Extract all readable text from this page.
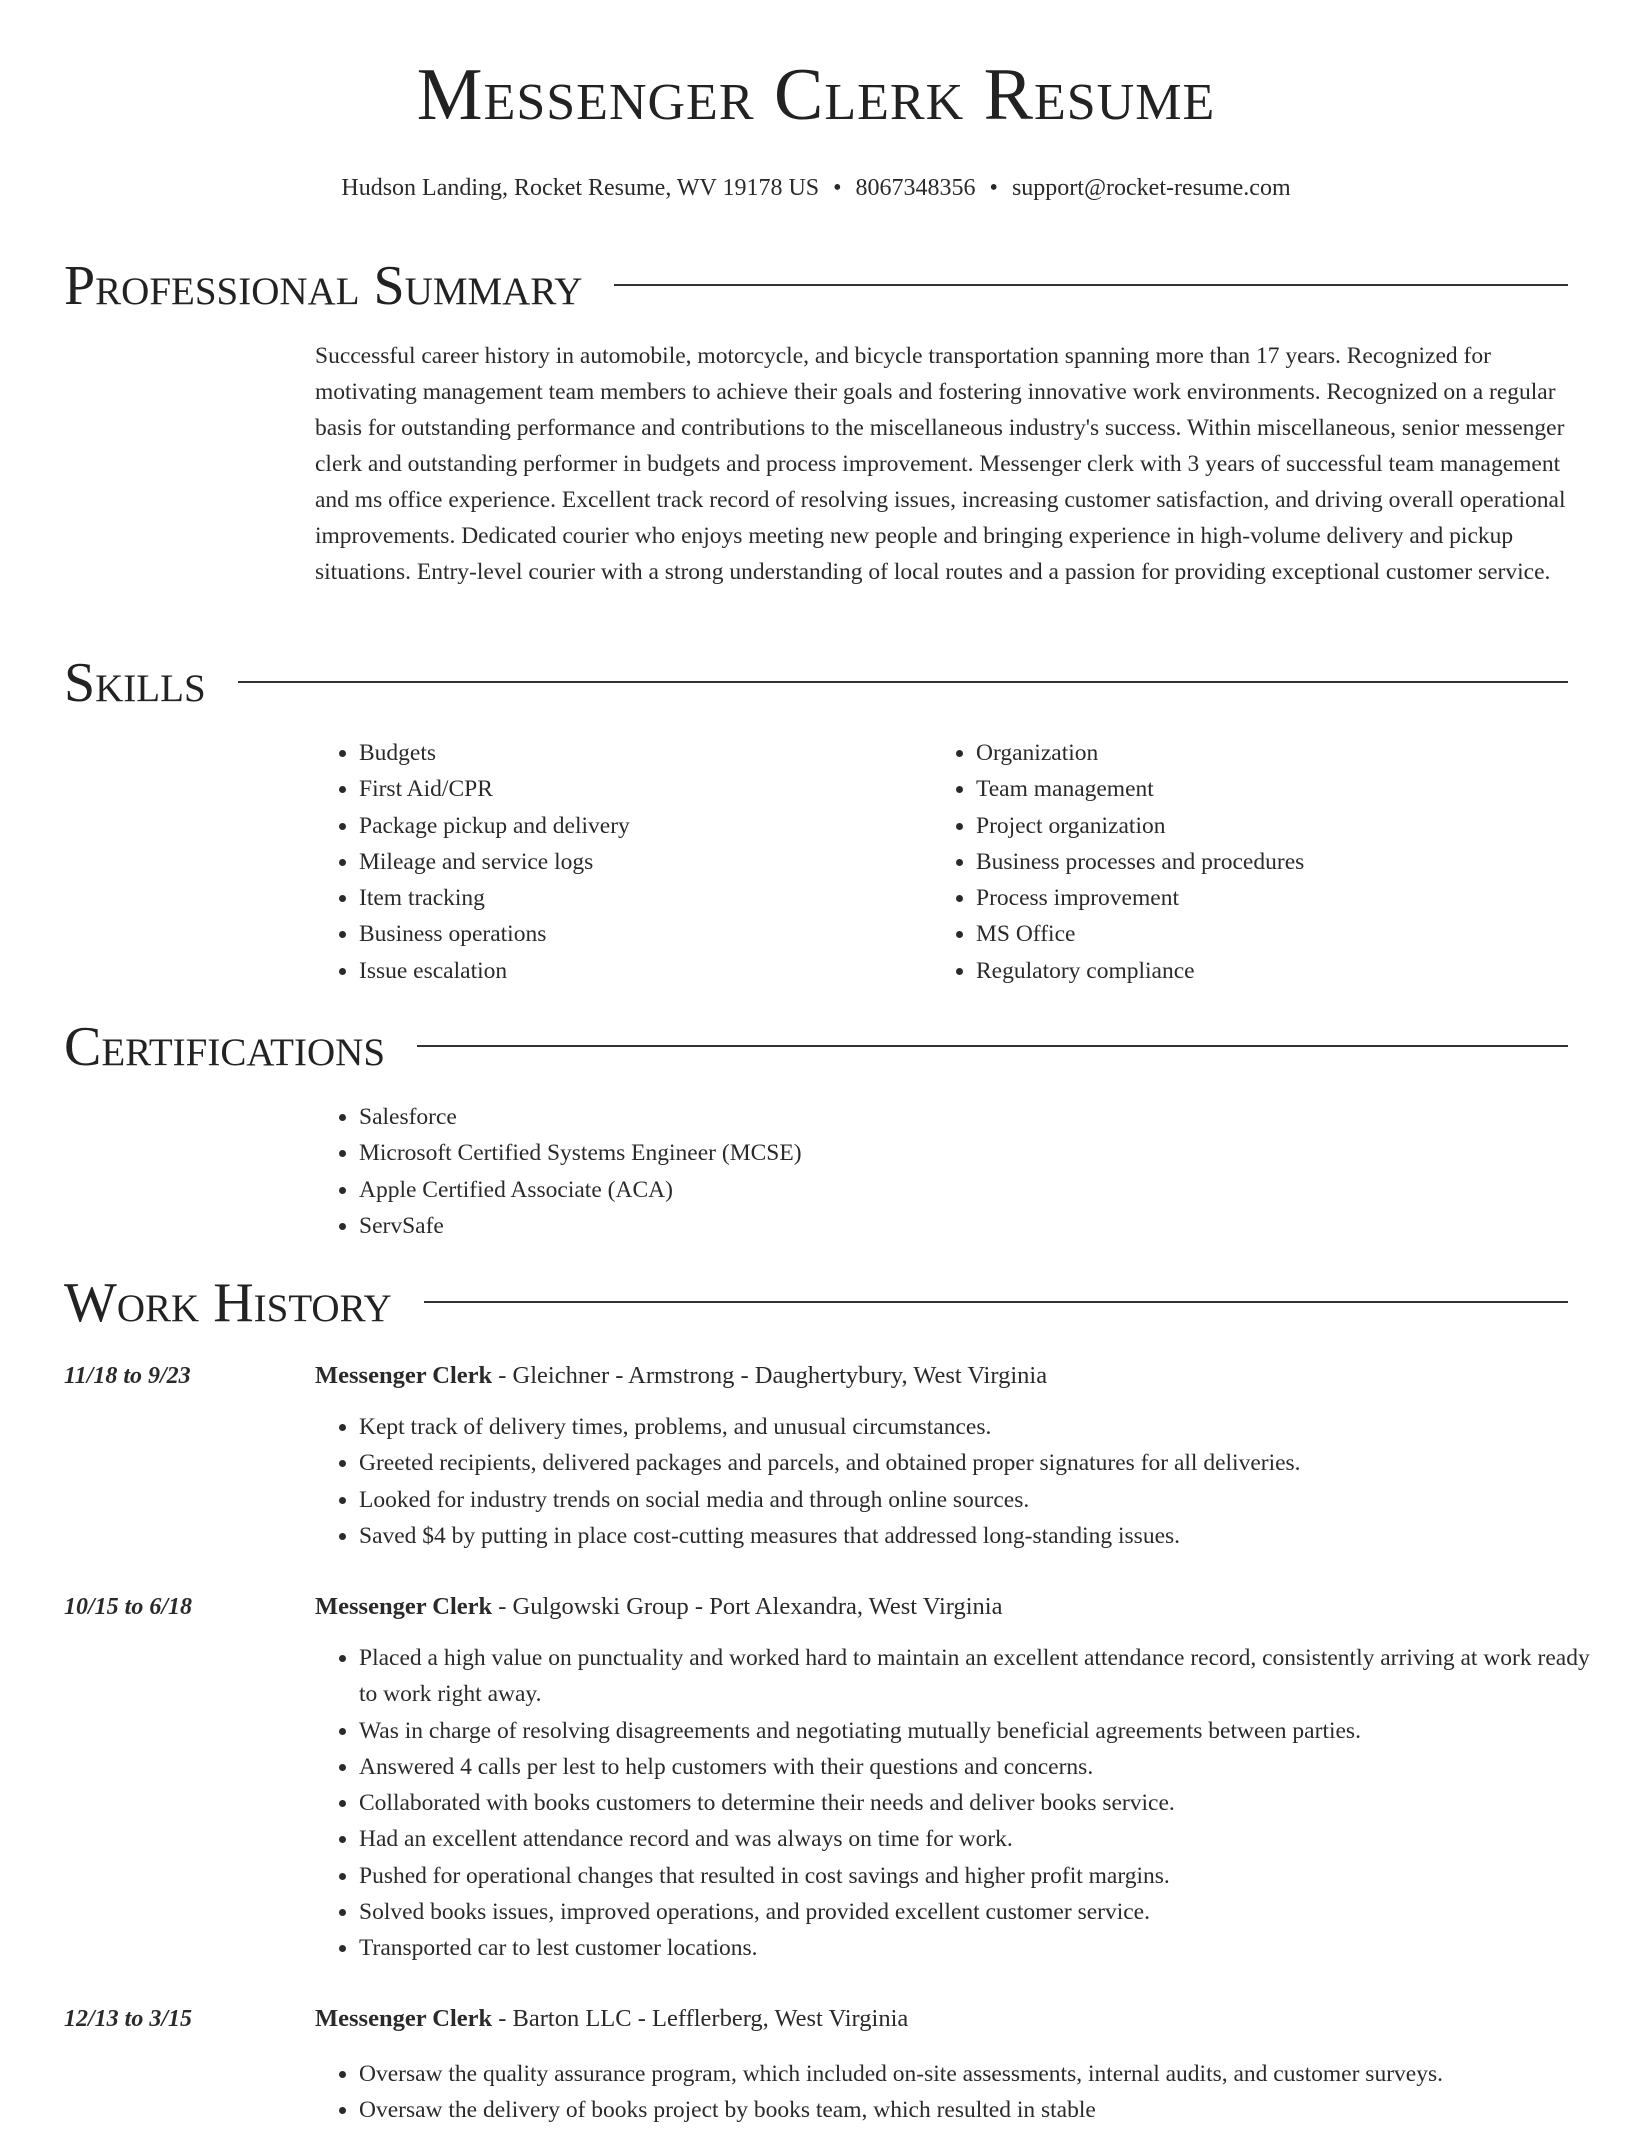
Messenger Clerk Resume
Hudson Landing, Rocket Resume, WV 19178 US • 8067348356 • support@rocket-resume.com
Professional Summary

Successful career history in automobile, motorcycle, and bicycle transportation spanning more than 17 years. Recognized for motivating management team members to achieve their goals and fostering innovative work environments. Recognized on a regular basis for outstanding performance and contributions to the miscellaneous industry's success. Within miscellaneous, senior messenger clerk and outstanding performer in budgets and process improvement. Messenger clerk with 3 years of successful team management and ms office experience. Excellent track record of resolving issues, increasing customer satisfaction, and driving overall operational improvements. Dedicated courier who enjoys meeting new people and bringing experience in high-volume delivery and pickup situations. Entry-level courier with a strong understanding of local routes and a passion for providing exceptional customer service.

Skills
• Budgets
• First Aid/CPR
• Package pickup and delivery
• Mileage and service logs
• Item tracking
• Business operations
• Issue escalation
• Organization
• Team management
• Project organization
• Business processes and procedures
• Process improvement
• MS Office
• Regulatory compliance
Certifications
• Salesforce
• Microsoft Certified Systems Engineer (MCSE)
• Apple Certified Associate (ACA)
• ServSafe
Work History
11/18 to 9/23	Messenger Clerk - Gleichner - Armstrong - Daughertybury, West Virginia
• Kept track of delivery times, problems, and unusual circumstances.
• Greeted recipients, delivered packages and parcels, and obtained proper signatures for all deliveries.
• Looked for industry trends on social media and through online sources.
• Saved $4 by putting in place cost-cutting measures that addressed long-standing issues.
10/15 to 6/18	Messenger Clerk - Gulgowski Group - Port Alexandra, West Virginia
• Placed a high value on punctuality and worked hard to maintain an excellent attendance record, consistently arriving at work ready to work right away.
• Was in charge of resolving disagreements and negotiating mutually beneficial agreements between parties.
• Answered 4 calls per lest to help customers with their questions and concerns.
• Collaborated with books customers to determine their needs and deliver books service.
• Had an excellent attendance record and was always on time for work.
• Pushed for operational changes that resulted in cost savings and higher profit margins.
• Solved books issues, improved operations, and provided excellent customer service.
• Transported car to lest customer locations.
12/13 to 3/15	Messenger Clerk - Barton LLC - Lefflerberg, West Virginia
• Oversaw the quality assurance program, which included on-site assessments, internal audits, and customer surveys.
• Oversaw the delivery of books project by books team, which resulted in stable
